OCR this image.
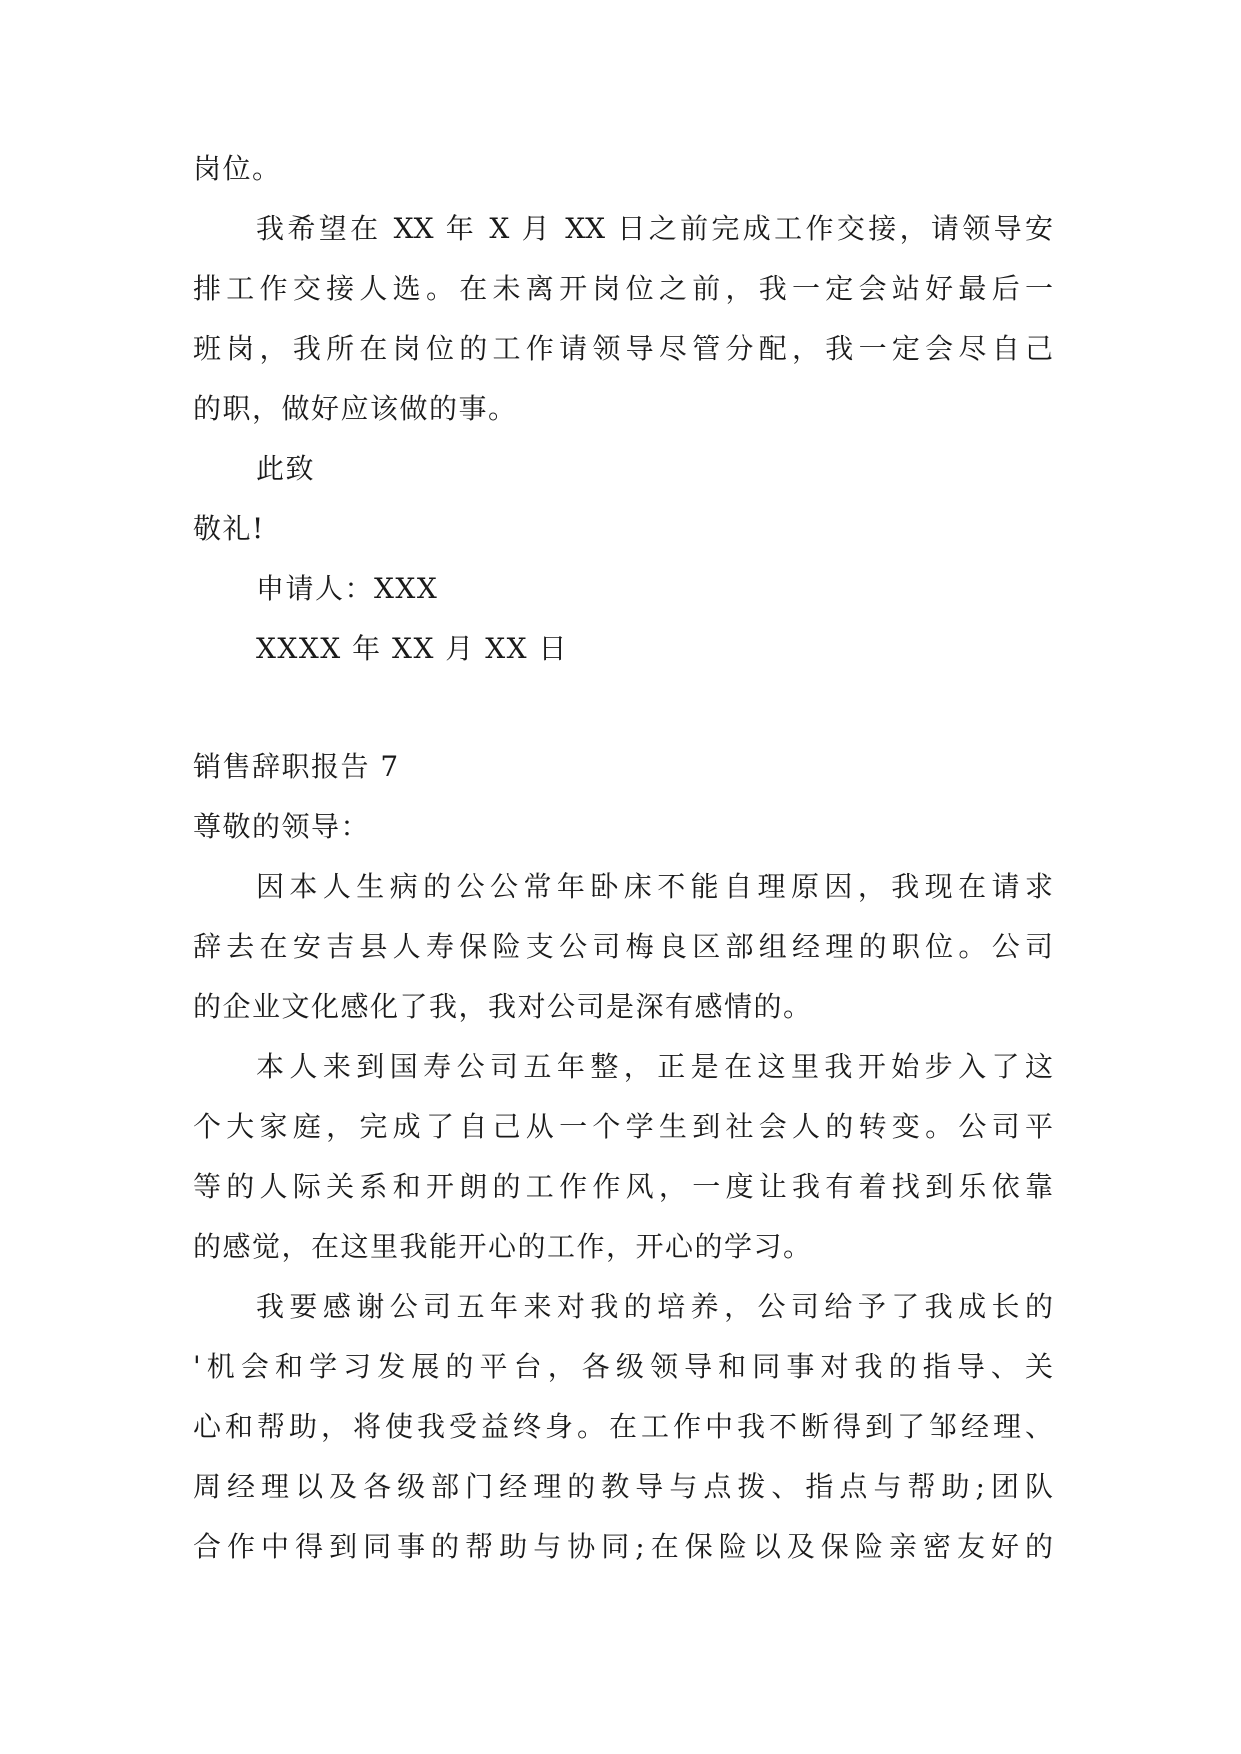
岗位。
我希望在 XX 年 X 月 XX 日之前完成工作交接，请领导安
排工作交接人选。在未离开岗位之前，我一定会站好最后一
班岗，我所在岗位的工作请领导尽管分配，我一定会尽自己
的职，做好应该做的事。
此致
敬礼!
申请人：XXX
XXXX 年 XX 月 XX 日
销售辞职报告 7
尊敬的领导：
因本人生病的公公常年卧床不能自理原因，我现在请求
辞去在安吉县人寿保险支公司梅良区部组经理的职位。公司
的企业文化感化了我，我对公司是深有感情的。
本人来到国寿公司五年整，正是在这里我开始步入了这
个大家庭，完成了自己从一个学生到社会人的转变。公司平
等的人际关系和开朗的工作作风，一度让我有着找到乐依靠
的感觉，在这里我能开心的工作，开心的学习。
我要感谢公司五年来对我的培养，公司给予了我成长的
'机会和学习发展的平台，各级领导和同事对我的指导、关
心和帮助，将使我受益终身。在工作中我不断得到了邹经理、
周经理以及各级部门经理的教导与点拨、指点与帮助;团队
合作中得到同事的帮助与协同;在保险以及保险亲密友好的
